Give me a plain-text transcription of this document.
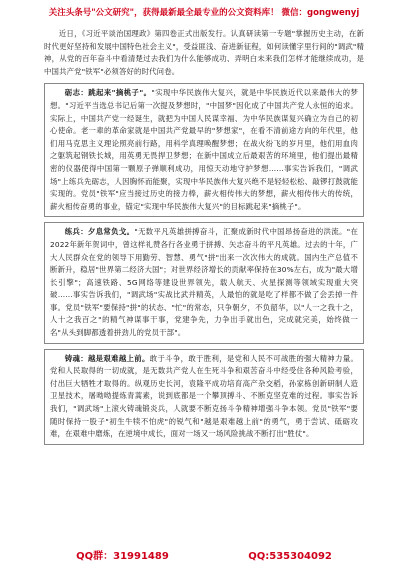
关注头条号"公文研究"，获得最新最全最专业的公文资料库！ 微信：gongwenyj

近日，《习近平谈治国理政》第四卷正式出版发行。认真研读第一专题"掌握历史主动，在新时代更好坚持和发展中国特色社会主义"，受益匪浅、奋进新征程，如何读懂字里行间的"调武"精神，从党的百年奋斗中看清楚过去我们为什么能够成功、弄明白未来我们怎样才能继续成功，是中国共产党"铁军"必须答好的时代问卷。

砺志：跳起来"摘桃子"。"实现中华民族伟大复兴，就是中华民族近代以来最伟大的梦想。"习近平当选总书记后第一次提及梦想时，"中国梦"因化成了中国共产党人永恒的追求。实际上，中国共产党一经诞生，就把为中国人民谋幸福、为中华民族谋复兴确立为自己的初心使命。老一辈的革命家就是中国共产党最早的"梦想家"，在看不清前途方向的年代里，他们用马克思主义理论照亮前行路，用科学真理唤醒梦想；在战火纷飞的岁月里，他们用血肉之躯筑起钢铁长城，用英勇无畏捍卫梦想；在新中国成立后最艰苦的环境里，他们提出最精密的仪器使得中国第一颗原子弹顺利成功，用惊天动地守护梦想……事实告诉我们，"调武场"上练兵先砺志，人因胸怀而能聚，实现中华民族伟大复兴绝不是轻轻松松、敲锣打鼓就能实现的。党员"铁军"应当接过历史的接力棒，薪火相传伟大的梦想，薪火相传伟大的传统，薪火相传奋勇的事业，锚定"实现中华民族伟大复兴"的目标跳起来"摘桃子"。

练兵：夕息常负戈。"无数平凡英雄拼搏奋斗，汇聚成新时代中国昂扬奋进的洪流。"在2022年新年贺词中，曾这样礼赞各行各业勇于拼搏、矢志奋斗的平凡英雄。过去的十年，广大人民群众在党的领导下用勤劳、智慧、勇气"拼"出来一次次伟大的成就。国内生产总值不断新升，稳居"世界第二经济大国"；对世界经济增长的贡献率保持在30%左右，成为"最大增长引擎"；高速铁路、5G网络等建设世界领先，载人航天、火星探测等领域实现重大突破……事实告诉我们，"调武场"实战比武并精英，人最怕的就是吃了样都不做了会丢掉一件事。党员"铁军"要保持"拼"的状态、"忙"的常态，只争朝夕，不负韶华，以"人一之我十之，人十之我百之"的精气神谋事干事，党建争先，力争出手就出色，完成就完美，始终做一名"从头到脚都透着拼劲儿的党员干部"。

铸魂：越是艰难越上前。敢于斗争，敢于胜利，是党和人民不可战胜的强大精神力量。党和人民取得的一切成就，是无数共产党人在生死斗争和艰苦奋斗中经受住各种风险考验，付出巨大牺牲才取得的。纵观历史长河，袁隆平成功培育高产杂交稻，孙家栋创新研制人造卫星技术，屠呦呦提炼青蒿素，说到底都是一个攀顶搏斗、不断克坚克难的过程。事实告诉我们，"调武场"上滚火铸魂锻炎兵，人就要不断克扬斗争精神增强斗争本领。党员"铁军"要随时保持一股子"初生牛犊不怕虎"的锐气和"越是艰难越上前"的勇气，勇于尝试、砥砺攻难，在艰难中磨炼，在逆境中成长，面对一场又一场风险挑战不断打出"胜仗"。

QQ群：31991489	QQ:535304092
